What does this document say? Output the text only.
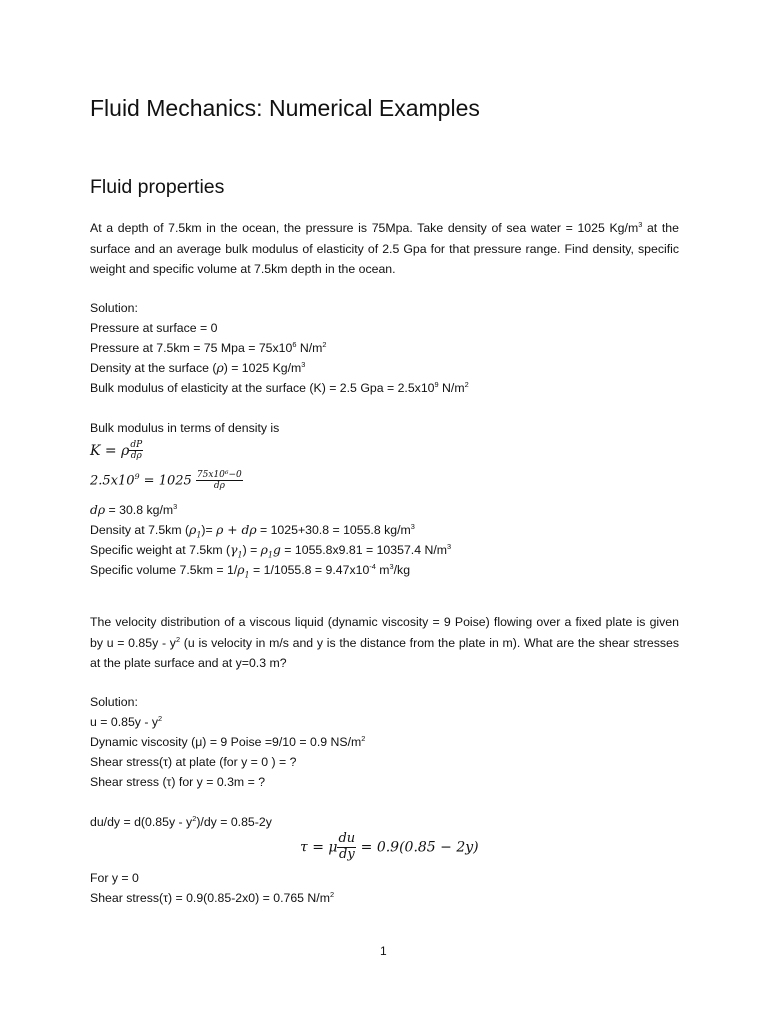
Fluid Mechanics: Numerical Examples
Fluid properties

At a depth of 7.5km in the ocean, the pressure is 75Mpa. Take density of sea water = 1025 $Kg/m^3$ at the surface and an average bulk modulus of elasticity of 2.5 Gpa for that pressure range. Find density, specific weight and specific volume at 7.5km depth in the ocean.

Solution:
Pressure at surface = 0
Pressure at 7.5km = 75 Mpa = $75x10^6$ $N/m^2$
Density at the surface (ρ) = 1025 $Kg/m^3$
Bulk modulus of elasticity at the surface (K) = 2.5 Gpa = $2.5x10^9$ $N/m^2$
Bulk modulus in terms of density is
K = ρ $\frac{dP}{d\rho}$
$2.5x10^9 = 1025 \frac{\text{75x10⁶−0}}{d\rho}$
dρ = 30.8 $kg/m^3$
Density at 7.5km $(\rho_1)= \rho + d\rho = 1025+30.8 = 1055.8$ $kg/m^3$
Specific weight at 7.5km $(\gamma_1) = \rho_1g = 1055.8x9.81 = 10357.4$ $N/m^3$
Specific volume $7.5km = 1/\rho_1 = 1/1055.8 = 9.47x10^{-4}$ $m^3/kg$

The velocity distribution of a viscous liquid (dynamic viscosity = 9 Poise) flowing over a fixed plate is given by $u = 0.85y - y^2$ (u is velocity in m/s and y is the distance from the plate in m). What are the shear stresses at the plate surface and at y=0.3 m?

Solution:
$u = 0.85y - y^2$
Dynamic viscosity (μ) = 9 Poise =9/10 = 0.9 $NS/m^2$
Shear stress(τ) at plate (for y = 0 ) = ?
Shear stress (τ) for y = 0.3m = ?
$du/dy = d(0.85y - y^2)/dy = 0.85-2y$
τ = μ $\frac{du}{dy} = 0.9(0.85 - 2y)$
For y = 0
Shear stress(τ) = 0.9(0.85-2x0) = 0.765 $N/m^2$
1
